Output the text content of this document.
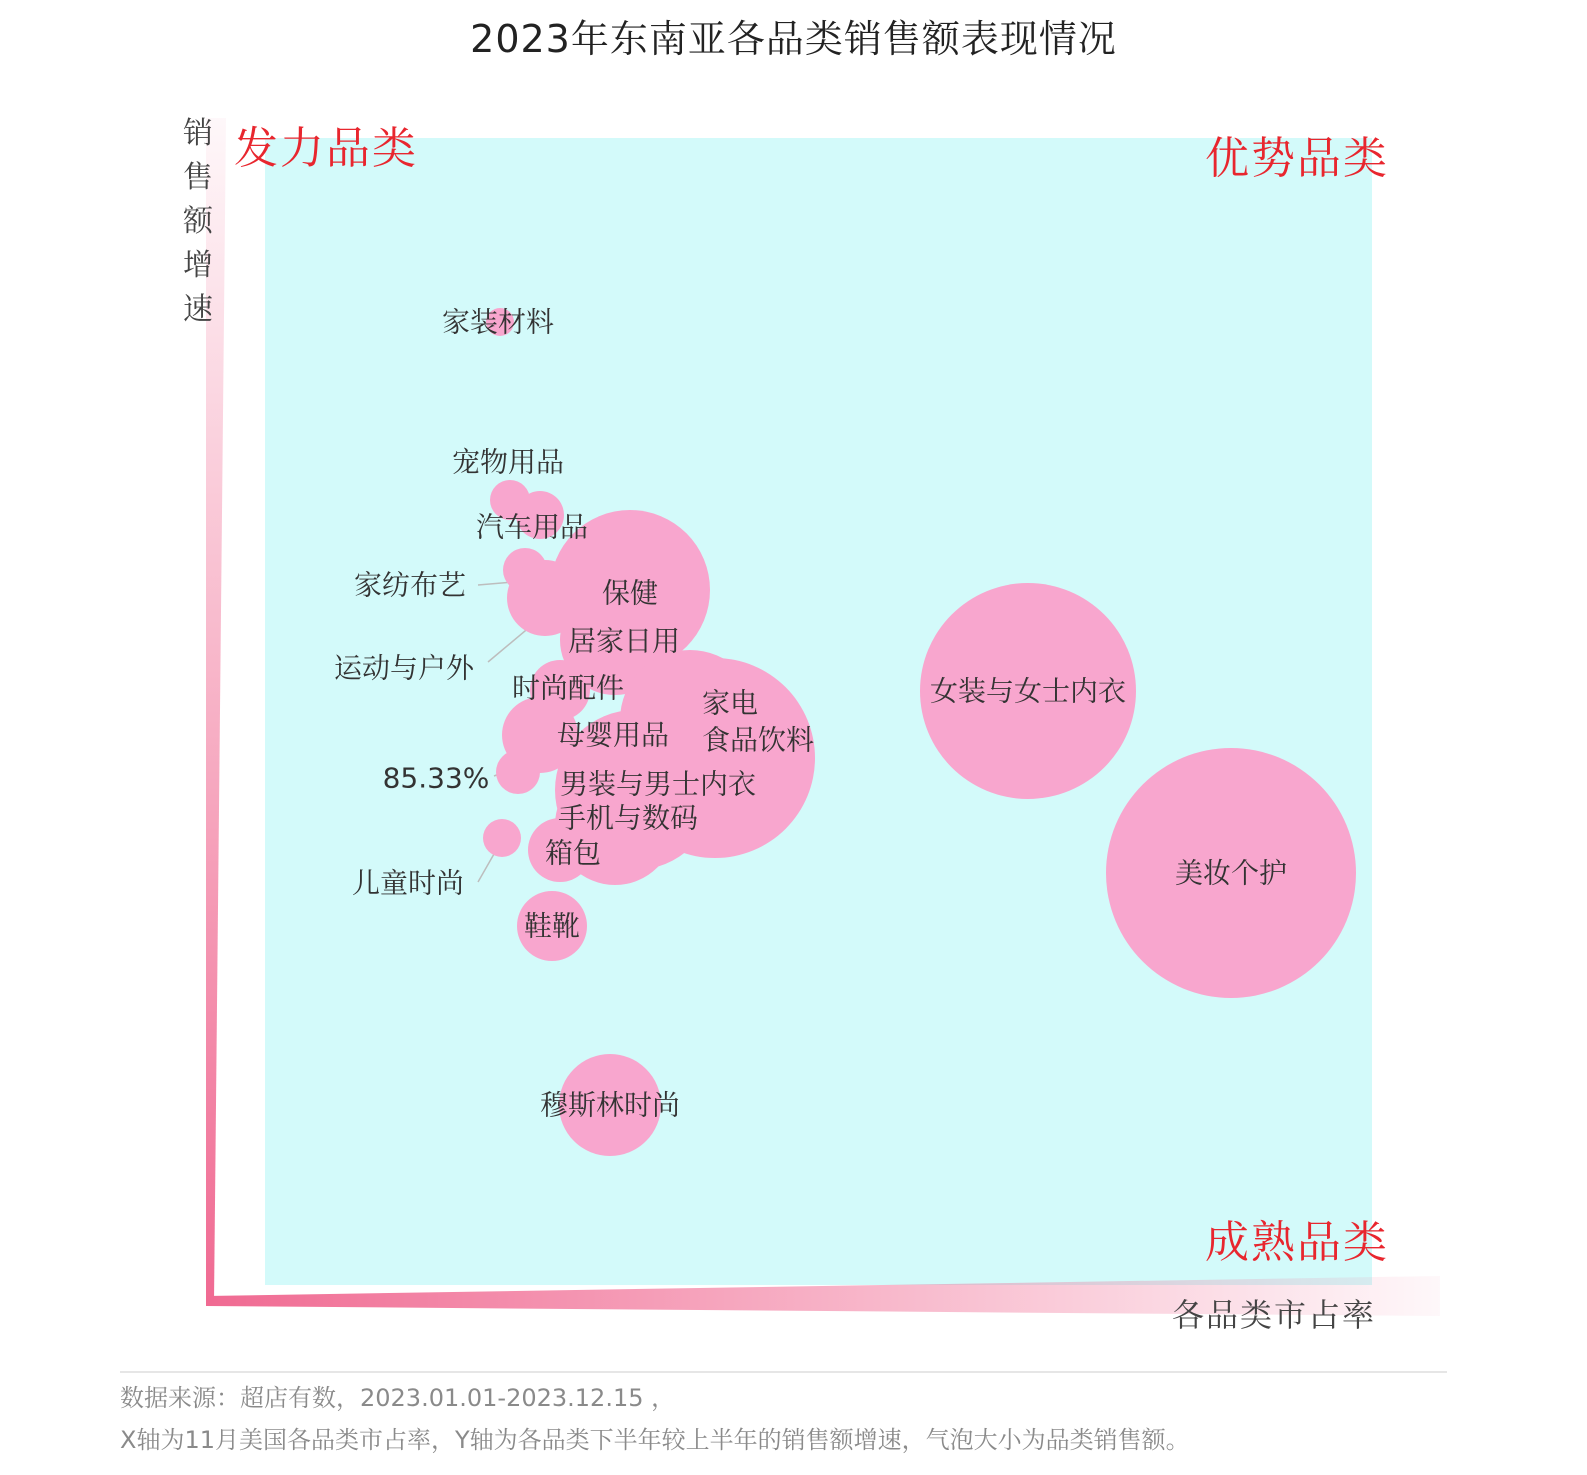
2023年东南亚各品类销售额表现情况
家装材料
宠物用品
汽车用品
家纺布艺	保健
运动与户外
居家日用
时尚配件	家电
食品饮料
母婴用品
85.33%	男装与男士内衣
手机与数码
箱包
儿童时尚
鞋靴
女装与女士内衣
美妆个护
穆斯林时尚
销
售
额
增
速
发力品类	优势品类
成熟品类
各品类市占率
数据来源：超店有数，2023.01.01-2023.12.15 ，
X轴为11月美国各品类市占率，Y轴为各品类下半年较上半年的销售额增速，气泡大小为品类销售额。
